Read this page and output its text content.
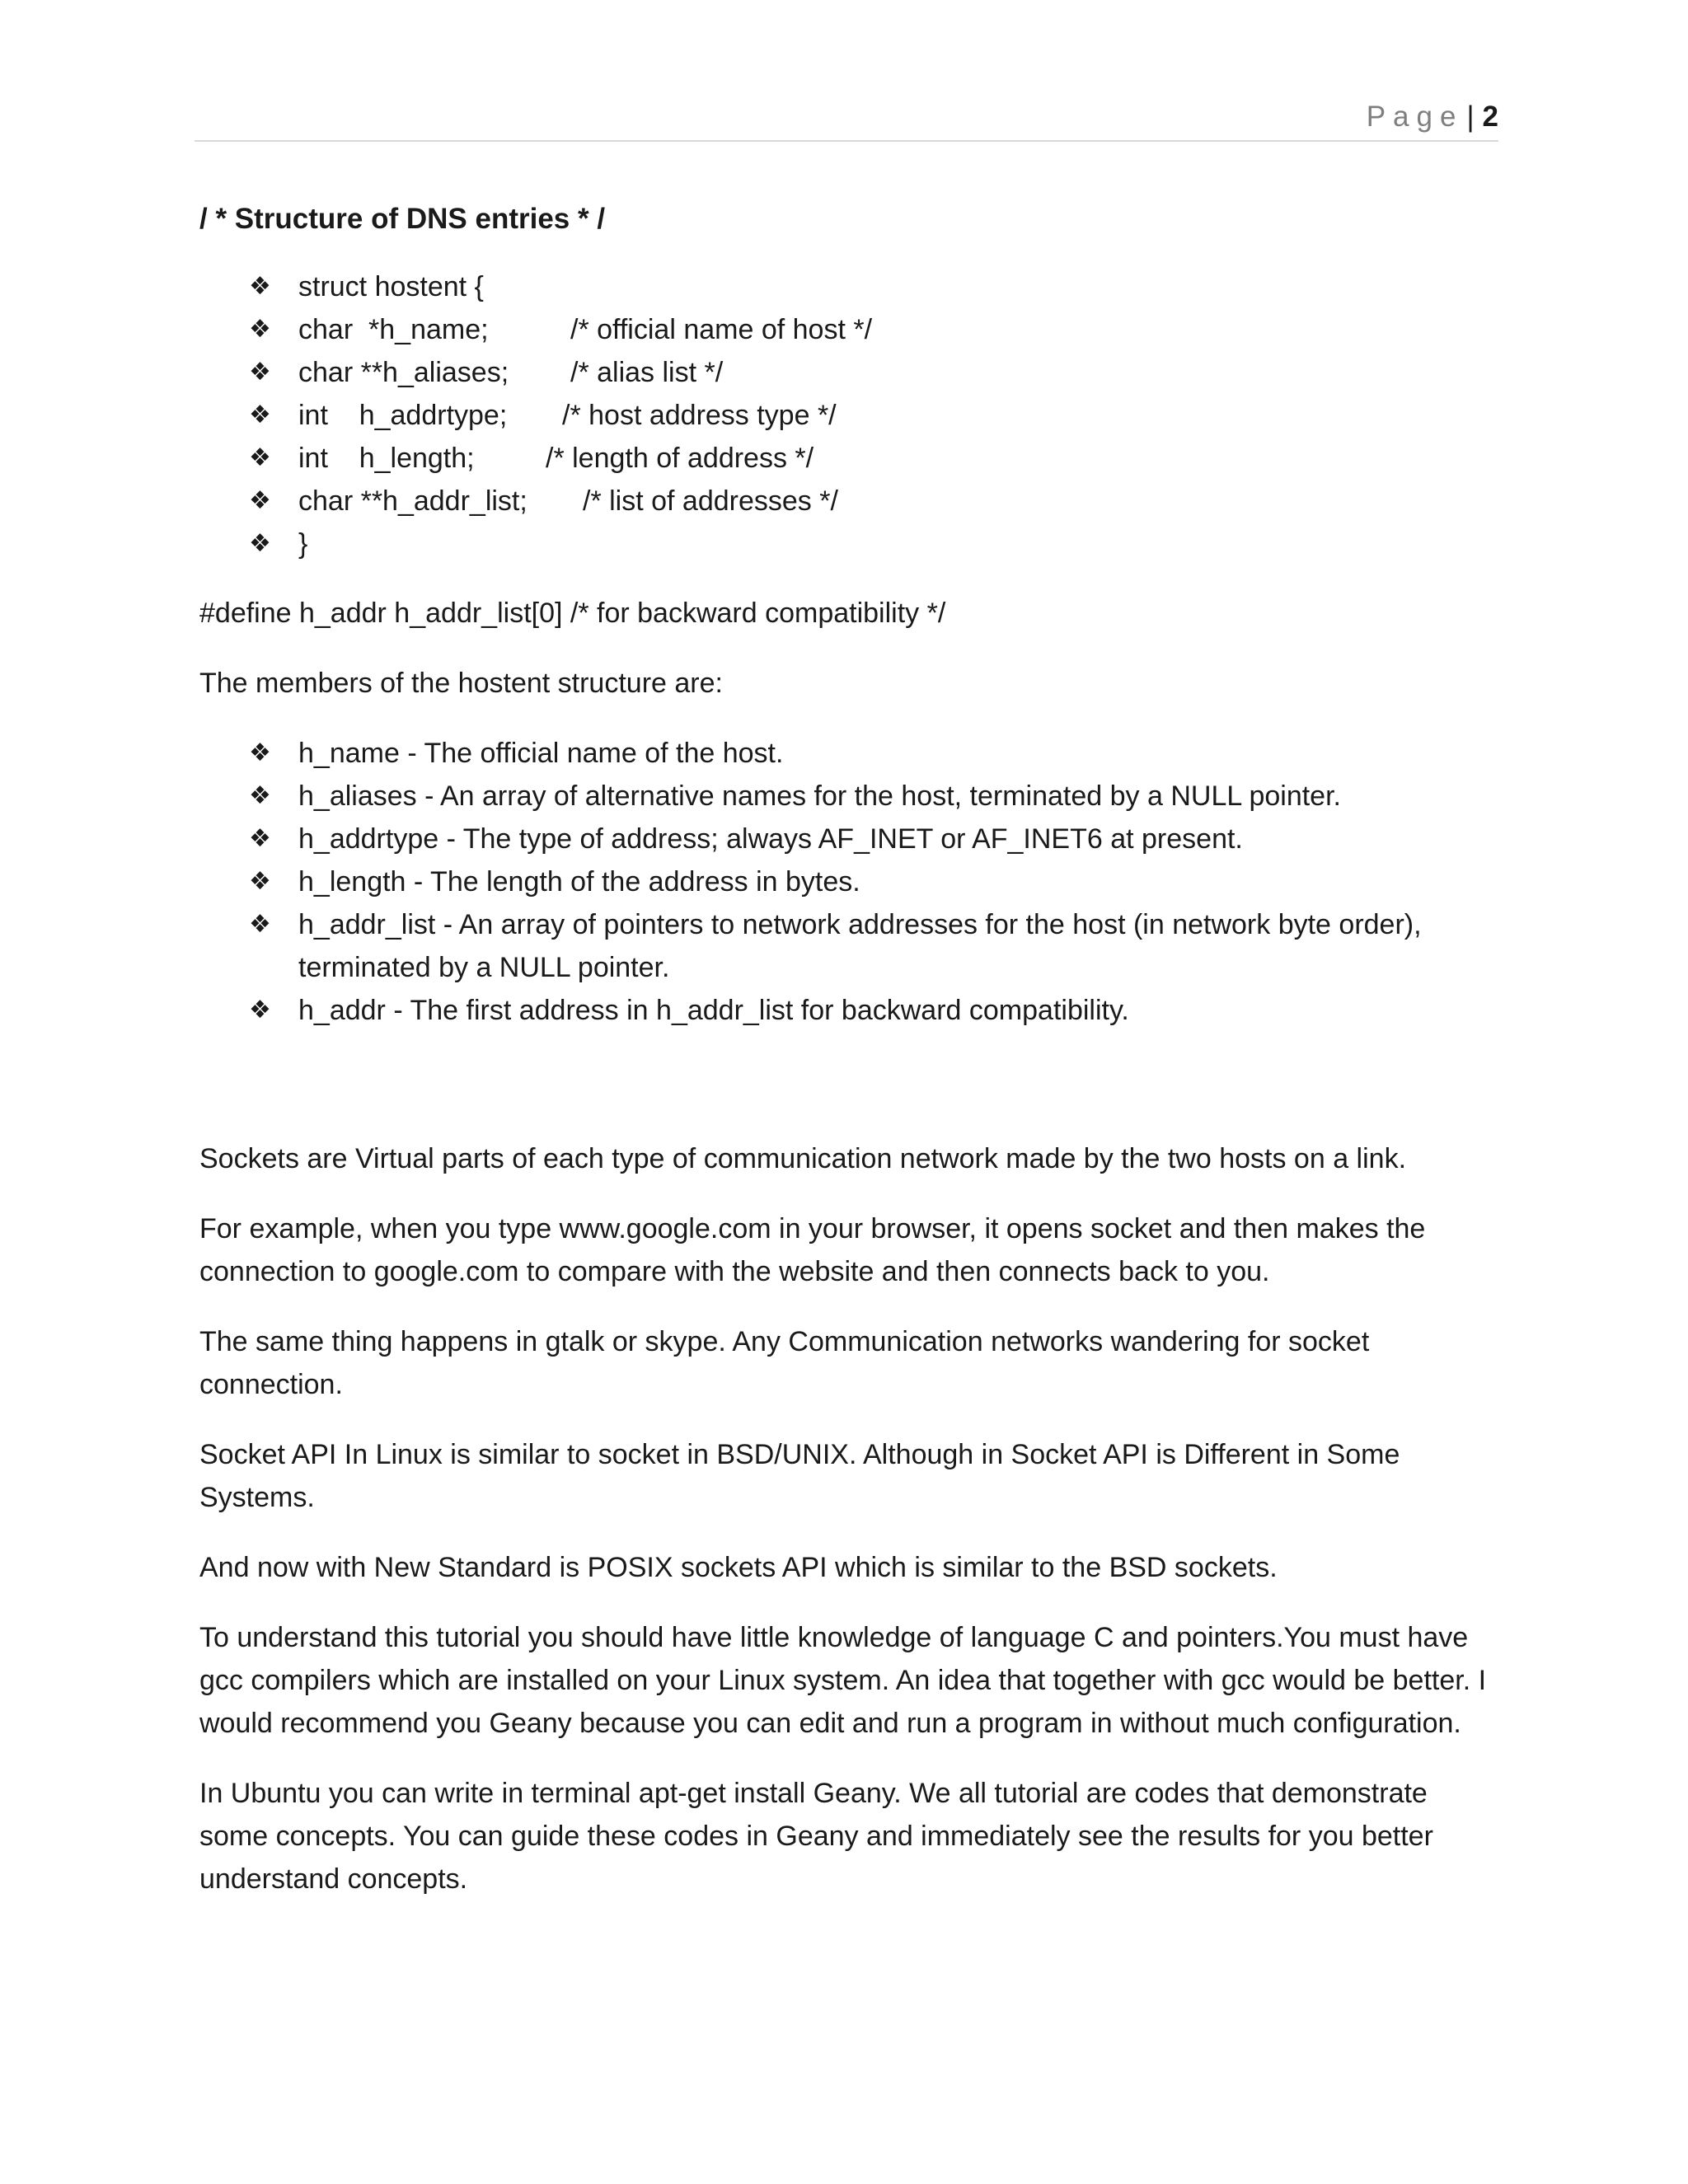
Page | 2
/ * Structure of DNS entries * /
❖ struct hostent {
❖ char  *h_name;	/* official name of host */
❖ char **h_aliases; /* alias list */
❖ int    h_addrtype; /* host address type */
❖ int    h_length;	/* length of address */
❖ char **h_addr_list; /* list of addresses */
❖ }

#define h_addr h_addr_list[0] /* for backward compatibility */

The members of the hostent structure are:

❖ h_name - The official name of the host.
❖ h_aliases - An array of alternative names for the host, terminated by a NULL pointer.
❖ h_addrtype - The type of address; always AF_INET or AF_INET6 at present.
❖ h_length - The length of the address in bytes.
❖ h_addr_list - An array of pointers to network addresses for the host (in network byte order), terminated by a NULL pointer.
❖ h_addr - The first address in h_addr_list for backward compatibility.

Sockets are Virtual parts of each type of communication network made by the two hosts on a link.

For example, when you type www.google.com in your browser, it opens socket and then makes the connection to google.com to compare with the website and then connects back to you.

The same thing happens in gtalk or skype. Any Communication networks wandering for socket connection.

Socket API In Linux is similar to socket in BSD/UNIX. Although in Socket API is Different in Some Systems.

And now with New Standard is POSIX sockets API which is similar to the BSD sockets.

To understand this tutorial you should have little knowledge of language C and pointers.You must have gcc compilers which are installed on your Linux system. An idea that together with gcc would be better. I would recommend you Geany because you can edit and run a program in without much configuration.

In Ubuntu you can write in terminal apt-get install Geany. We all tutorial are codes that demonstrate some concepts. You can guide these codes in Geany and immediately see the results for you better understand concepts.
